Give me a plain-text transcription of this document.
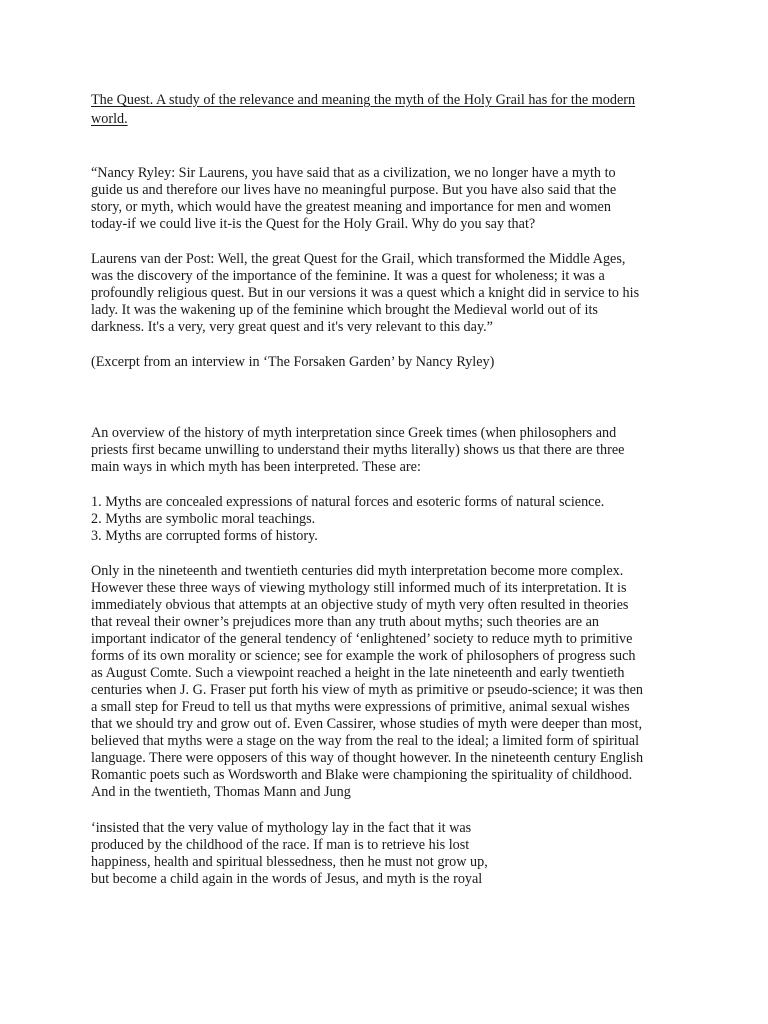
The Quest. A study of the relevance and meaning the myth of the Holy Grail has for the modern

world.

“Nancy Ryley: Sir Laurens, you have said that as a civilization, we no longer have a myth to

guide us and therefore our lives have no meaningful purpose. But you have also said that the

story, or myth, which would have the greatest meaning and importance for men and women

today-if we could live it-is the Quest for the Holy Grail. Why do you say that?

Laurens van der Post: Well, the great Quest for the Grail, which transformed the Middle Ages,

was the discovery of the importance of the feminine. It was a quest for wholeness; it was a

profoundly religious quest. But in our versions it was a quest which a knight did in service to his

lady. It was the wakening up of the feminine which brought the Medieval world out of its

darkness. It's a very, very great quest and it's very relevant to this day.”

(Excerpt from an interview in ‘The Forsaken Garden’ by Nancy Ryley)

An overview of the history of myth interpretation since Greek times (when philosophers and

priests first became unwilling to understand their myths literally) shows us that there are three

main ways in which myth has been interpreted. These are:

1. Myths are concealed expressions of natural forces and esoteric forms of natural science.

2. Myths are symbolic moral teachings.

3. Myths are corrupted forms of history.

Only in the nineteenth and twentieth centuries did myth interpretation become more complex.

However these three ways of viewing mythology still informed much of its interpretation. It is

immediately obvious that attempts at an objective study of myth very often resulted in theories

that reveal their owner’s prejudices more than any truth about myths; such theories are an

important indicator of the general tendency of ‘enlightened’ society to reduce myth to primitive

forms of its own morality or science; see for example the work of philosophers of progress such

as August Comte. Such a viewpoint reached a height in the late nineteenth and early twentieth

centuries when J. G. Fraser put forth his view of myth as primitive or pseudo-science; it was then

a small step for Freud to tell us that myths were expressions of primitive, animal sexual wishes

that we should try and grow out of. Even Cassirer, whose studies of myth were deeper than most,

believed that myths were a stage on the way from the real to the ideal; a limited form of spiritual

language. There were opposers of this way of thought however. In the nineteenth century English

Romantic poets such as Wordsworth and Blake were championing the spirituality of childhood.

And in the twentieth, Thomas Mann and Jung

‘insisted that the very value of mythology lay in the fact that it was

produced by the childhood of the race. If man is to retrieve his lost

happiness, health and spiritual blessedness, then he must not grow up,

but become a child again in the words of Jesus, and myth is the royal
